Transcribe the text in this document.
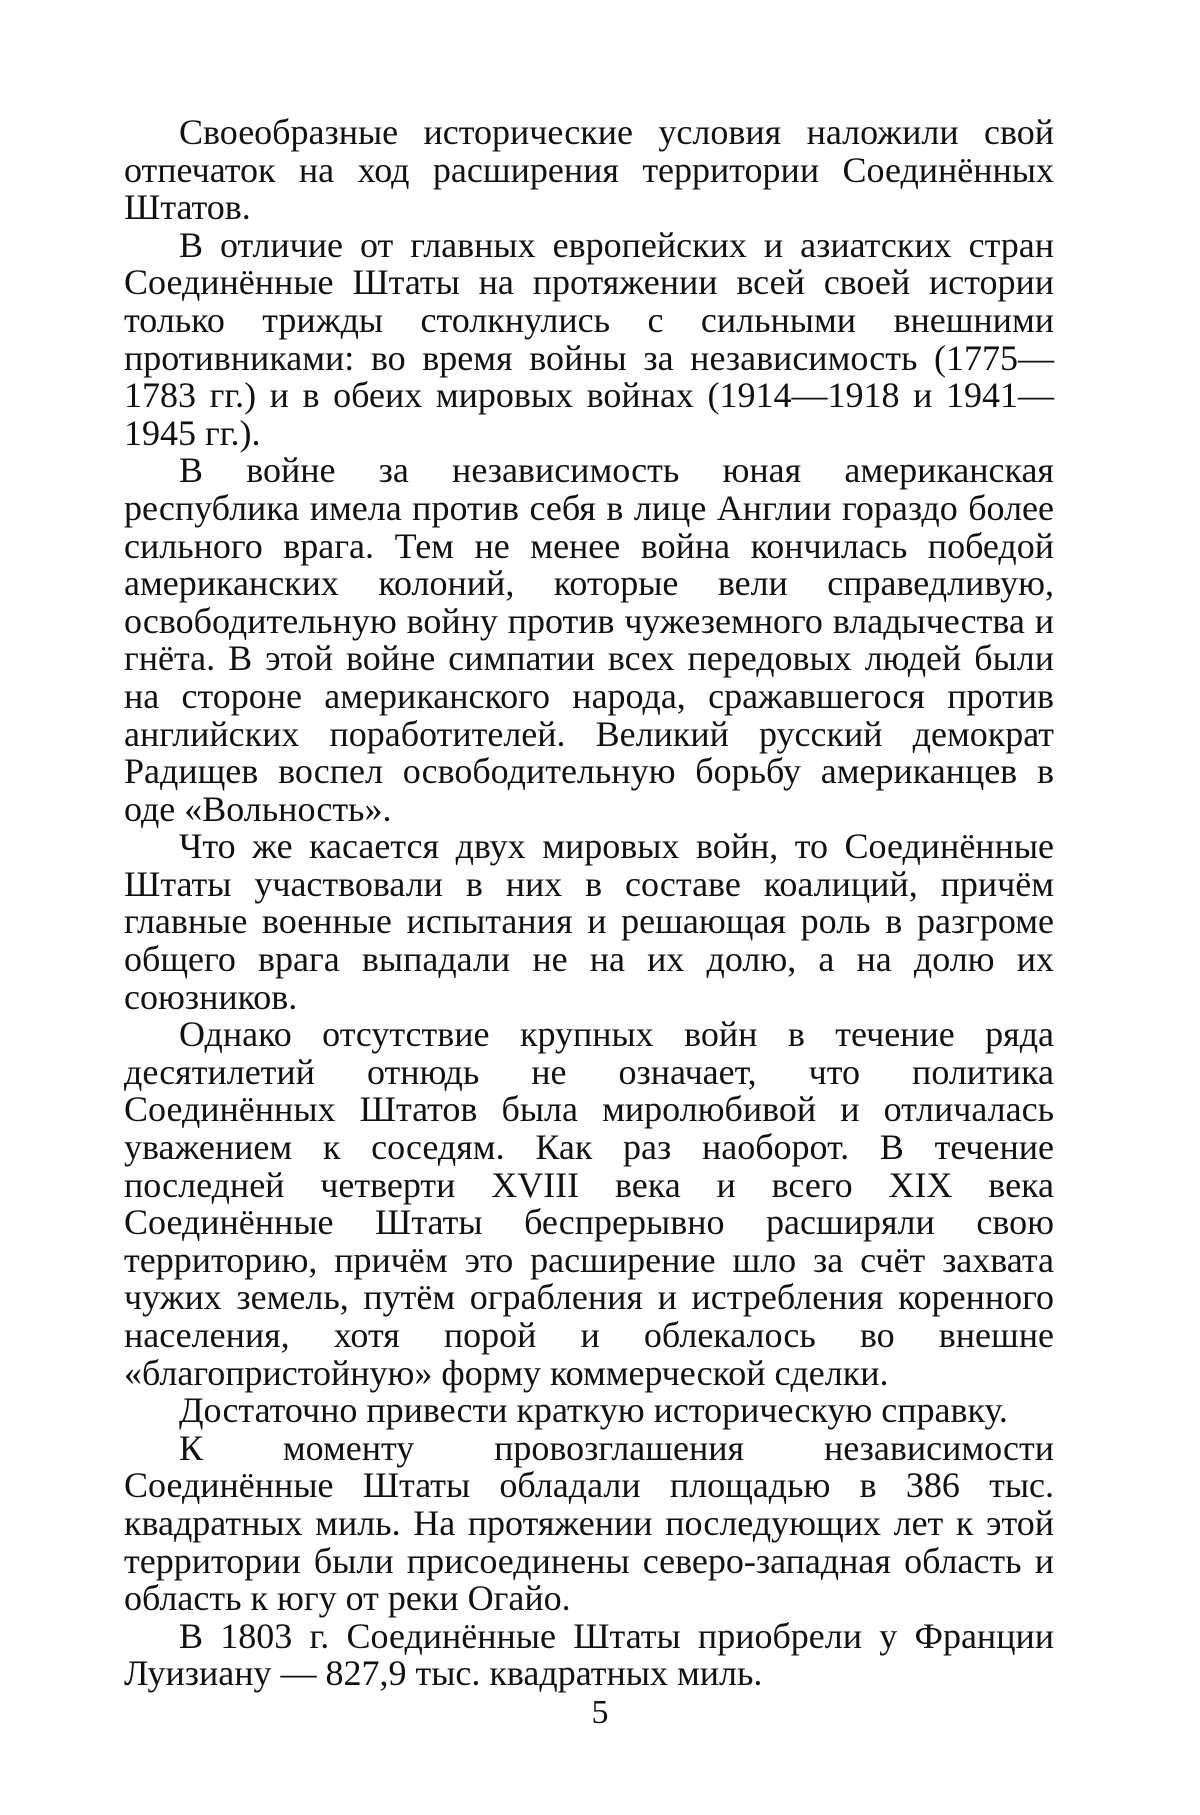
Своеобразные исторические условия наложили свой отпечаток на ход расширения территории Соединённых Штатов.

В отличие от главных европейских и азиатских стран Соединённые Штаты на протяжении всей своей истории только трижды столкнулись с сильными внешними противниками: во время войны за независимость (1775—1783 гг.) и в обеих мировых войнах (1914—1918 и 1941—1945 гг.).

В войне за независимость юная американская республика имела против себя в лице Англии гораздо более сильного врага. Тем не менее война кончилась победой американских колоний, которые вели справедливую, освободительную войну против чужеземного владычества и гнёта. В этой войне симпатии всех передовых людей были на стороне американского народа, сражавшегося против английских поработителей. Великий русский демократ Радищев воспел освободительную борьбу американцев в оде «Вольность».

Что же касается двух мировых войн, то Соединённые Штаты участвовали в них в составе коалиций, причём главные военные испытания и решающая роль в разгроме общего врага выпадали не на их долю, а на долю их союзников.

Однако отсутствие крупных войн в течение ряда десятилетий отнюдь не означает, что политика Соединённых Штатов была миролюбивой и отличалась уважением к соседям. Как раз наоборот. В течение последней четверти XVIII века и всего XIX века Соединённые Штаты беспрерывно расширяли свою территорию, причём это расширение шло за счёт захвата чужих земель, путём ограбления и истребления коренного населения, хотя порой и облекалось во внешне «благопристойную» форму коммерческой сделки.

Достаточно привести краткую историческую справку.

К моменту провозглашения независимости Соединённые Штаты обладали площадью в 386 тыс. квадратных миль. На протяжении последующих лет к этой территории были присоединены северо-западная область и область к югу от реки Огайо.

В 1803 г. Соединённые Штаты приобрели у Франции Луизиану — 827,9 тыс. квадратных миль.

5
